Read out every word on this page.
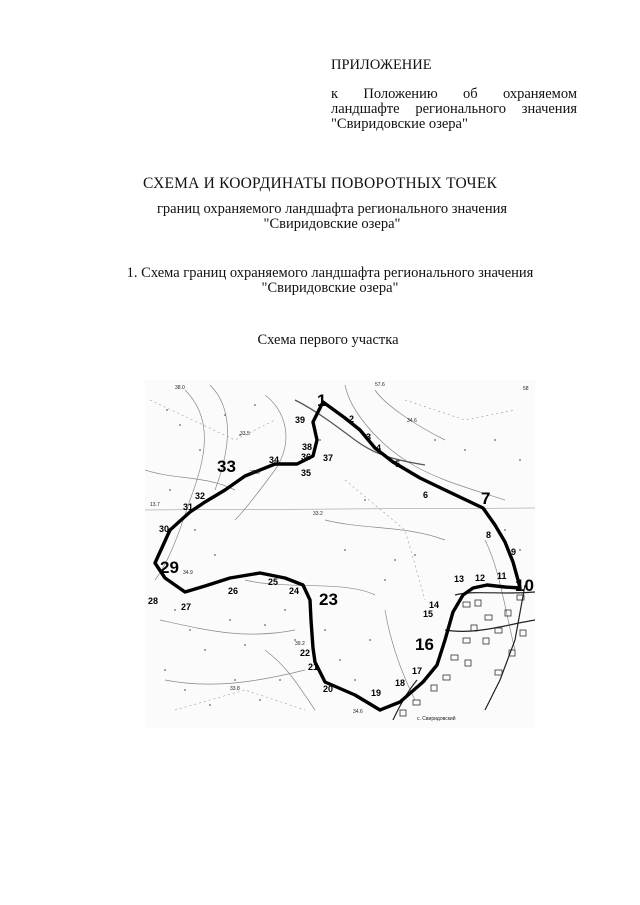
ПРИЛОЖЕНИЕ
к Положению об охраняемом ландшафте регионального значения "Свиридовские озера"
СХЕМА И КООРДИНАТЫ ПОВОРОТНЫХ ТОЧЕК
границ охраняемого ландшафта регионального значения
"Свиридовские озера"
1. Схема границ охраняемого ландшафта регионального значения
"Свиридовские озера"
Схема первого участка
38.0	57.6
33.5
34.6
13.7
33.2
34.9
35.0
39.2
33.8
34.6
58
с. Свиридовский
1
2
3
4
5
6	7
8
9
10
11
12
13
14
15
16
17
18
19
20
21
22
23
24
25
26
27
28
29
30
31
32
33	34
35
36 37
38
39
